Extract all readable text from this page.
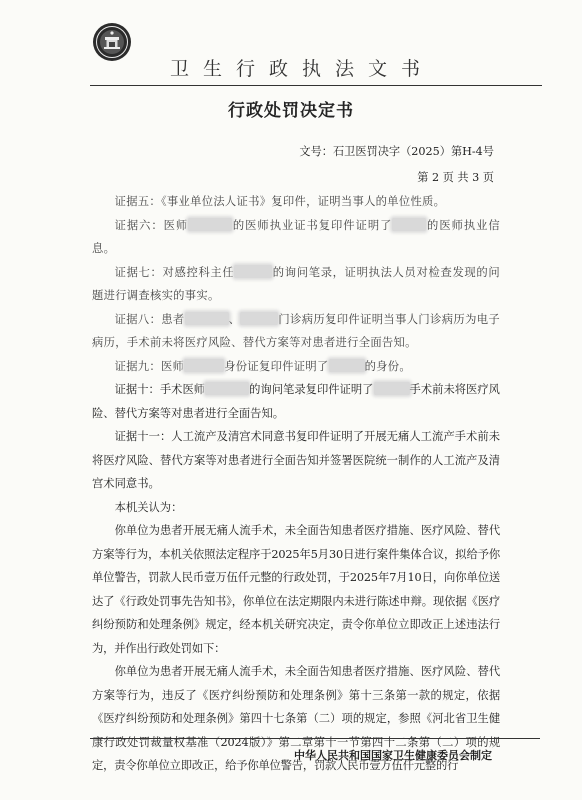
卫生行政执法文书
行政处罚决定书
文号：石卫医罚决字（2025）第H-4号
第 2 页 共 3 页

证据五：《事业单位法人证书》复印件，证明当事人的单位性质。

证据六：医师	的医师执业证书复印件证明了	的医师执业信息。

证据七：对感控科主任	的询问笔录，证明执法人员对检查发现的问题进行调查核实的事实。

证据八：患者	、	门诊病历复印件证明当事人门诊病历为电子病历，手术前未将医疗风险、替代方案等对患者进行全面告知。

证据九：医师	身份证复印件证明了	的身份。

证据十：手术医师	的询问笔录复印件证明了	手术前未将医疗风险、替代方案等对患者进行全面告知。

证据十一：人工流产及清宫术同意书复印件证明了开展无痛人工流产手术前未将医疗风险、替代方案等对患者进行全面告知并签署医院统一制作的人工流产及清宫术同意书。

本机关认为：

你单位为患者开展无痛人流手术，未全面告知患者医疗措施、医疗风险、替代方案等行为，本机关依照法定程序于2025年5月30日进行案件集体合议，拟给予你单位警告，罚款人民币壹万伍仟元整的行政处罚，于2025年7月10日，向你单位送达了《行政处罚事先告知书》，你单位在法定期限内未进行陈述申辩。现依据《医疗纠纷预防和处理条例》规定，经本机关研究决定，责令你单位立即改正上述违法行为，并作出行政处罚如下：

你单位为患者开展无痛人流手术，未全面告知患者医疗措施、医疗风险、替代方案等行为，违反了《医疗纠纷预防和处理条例》第十三条第一款的规定，依据《医疗纠纷预防和处理条例》第四十七条第（二）项的规定，参照《河北省卫生健康行政处罚裁量权基准（2024版）》第二章第十一节第四十二条第（二）项的规定，责令你单位立即改正，给予你单位警告，罚款人民币壹万伍仟元整的行

中华人民共和国国家卫生健康委员会制定
